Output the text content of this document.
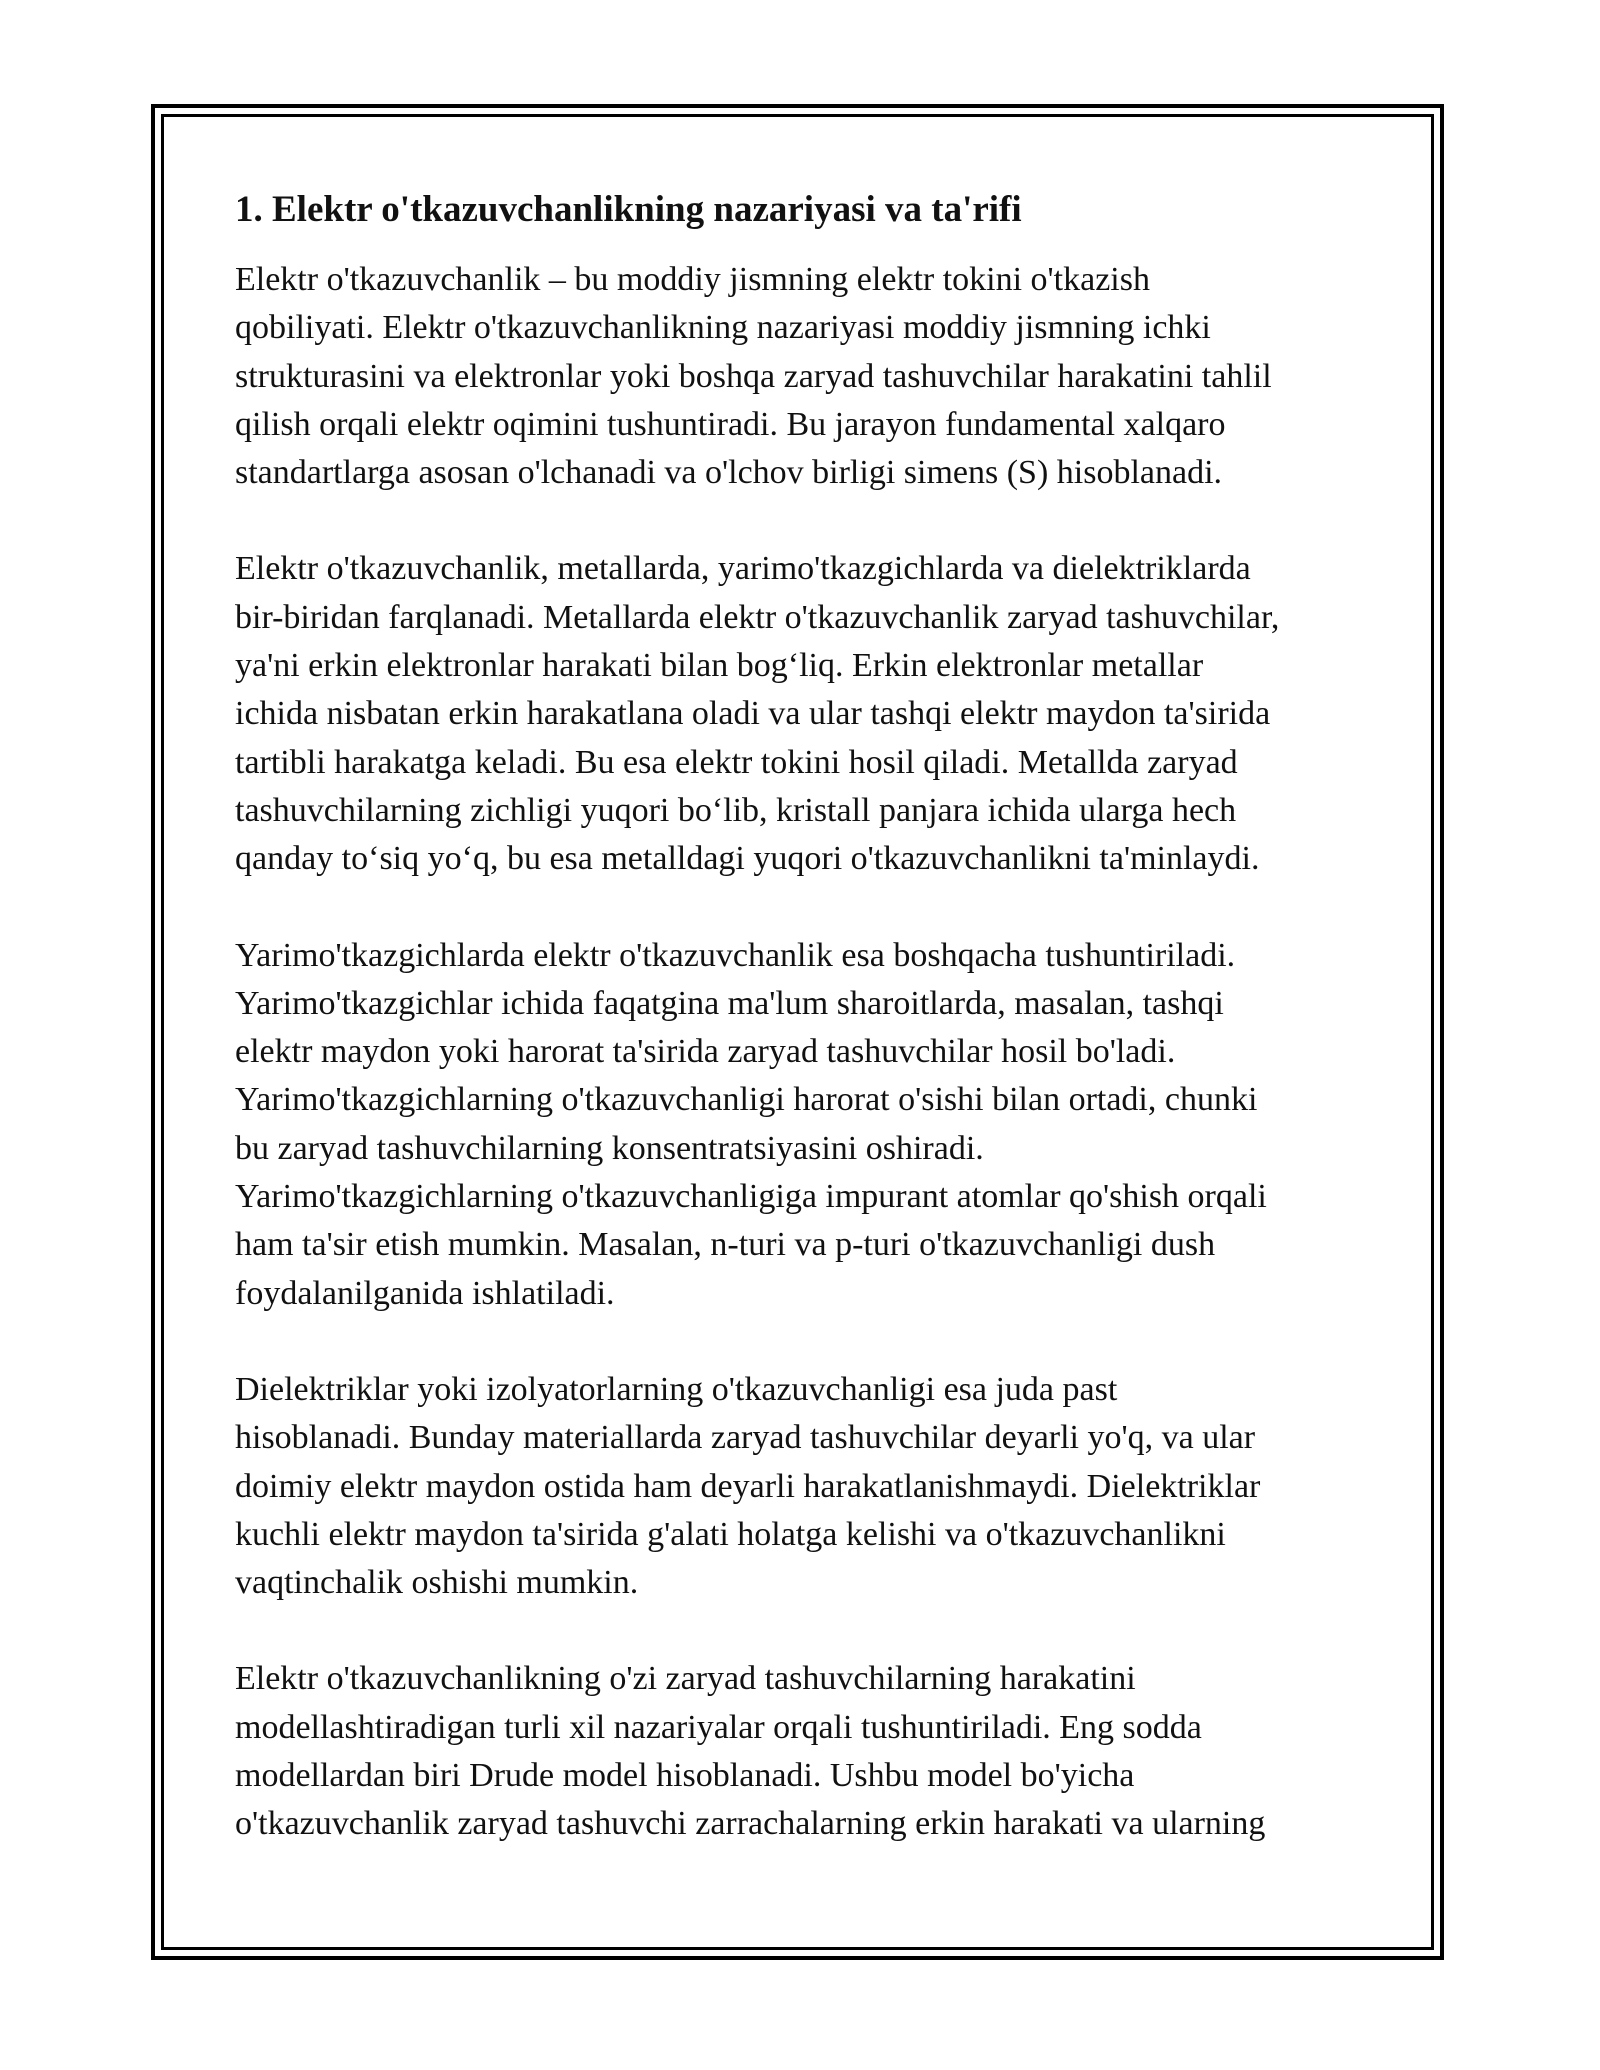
1. Elektr o'tkazuvchanlikning nazariyasi va ta'rifi
Elektr o'tkazuvchanlik – bu moddiy jismning elektr tokini o'tkazish
qobiliyati. Elektr o'tkazuvchanlikning nazariyasi moddiy jismning ichki
strukturasini va elektronlar yoki boshqa zaryad tashuvchilar harakatini tahlil
qilish orqali elektr oqimini tushuntiradi. Bu jarayon fundamental xalqaro
standartlarga asosan o'lchanadi va o'lchov birligi simens (S) hisoblanadi.
Elektr o'tkazuvchanlik, metallarda, yarimo'tkazgichlarda va dielektriklarda
bir-biridan farqlanadi. Metallarda elektr o'tkazuvchanlik zaryad tashuvchilar,
ya'ni erkin elektronlar harakati bilan bog‘liq. Erkin elektronlar metallar
ichida nisbatan erkin harakatlana oladi va ular tashqi elektr maydon ta'sirida
tartibli harakatga keladi. Bu esa elektr tokini hosil qiladi. Metallda zaryad
tashuvchilarning zichligi yuqori bo‘lib, kristall panjara ichida ularga hech
qanday to‘siq yo‘q, bu esa metalldagi yuqori o'tkazuvchanlikni ta'minlaydi.
Yarimo'tkazgichlarda elektr o'tkazuvchanlik esa boshqacha tushuntiriladi.
Yarimo'tkazgichlar ichida faqatgina ma'lum sharoitlarda, masalan, tashqi
elektr maydon yoki harorat ta'sirida zaryad tashuvchilar hosil bo'ladi.
Yarimo'tkazgichlarning o'tkazuvchanligi harorat o'sishi bilan ortadi, chunki
bu zaryad tashuvchilarning konsentratsiyasini oshiradi.
Yarimo'tkazgichlarning o'tkazuvchanligiga impurant atomlar qo'shish orqali
ham ta'sir etish mumkin. Masalan, n-turi va p-turi o'tkazuvchanligi dush
foydalanilganida ishlatiladi.
Dielektriklar yoki izolyatorlarning o'tkazuvchanligi esa juda past
hisoblanadi. Bunday materiallarda zaryad tashuvchilar deyarli yo'q, va ular
doimiy elektr maydon ostida ham deyarli harakatlanishmaydi. Dielektriklar
kuchli elektr maydon ta'sirida g'alati holatga kelishi va o'tkazuvchanlikni
vaqtinchalik oshishi mumkin.
Elektr o'tkazuvchanlikning o'zi zaryad tashuvchilarning harakatini
modellashtiradigan turli xil nazariyalar orqali tushuntiriladi. Eng sodda
modellardan biri Drude model hisoblanadi. Ushbu model bo'yicha
o'tkazuvchanlik zaryad tashuvchi zarrachalarning erkin harakati va ularning
